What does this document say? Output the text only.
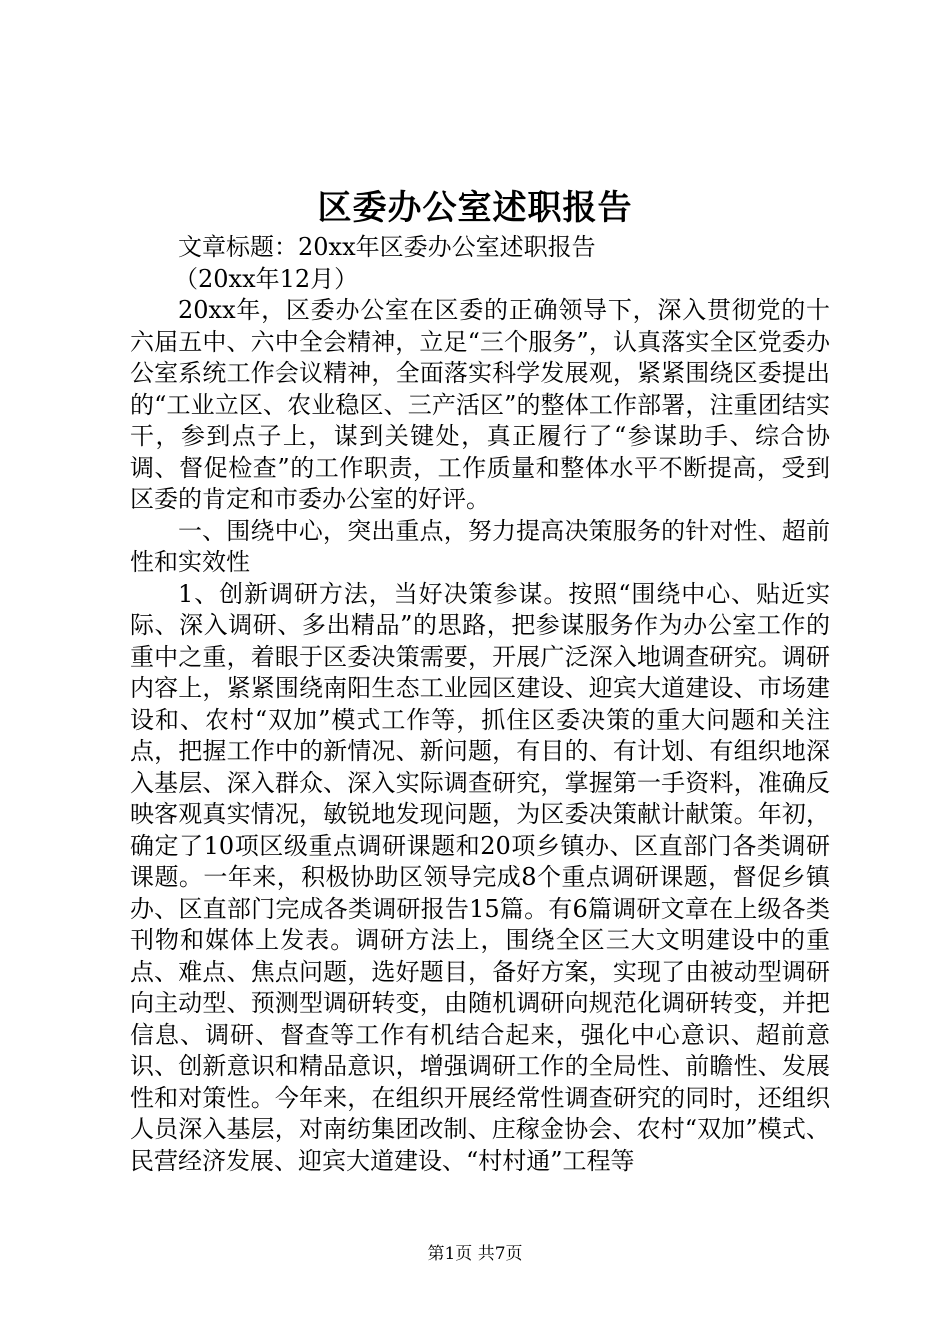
区委办公室述职报告

文章标题：20xx年区委办公室述职报告

（20xx年12月）

20xx年，区委办公室在区委的正确领导下，深入贯彻党的十六届五中、六中全会精神，立足“三个服务”，认真落实全区党委办公室系统工作会议精神，全面落实科学发展观，紧紧围绕区委提出的“工业立区、农业稳区、三产活区”的整体工作部署，注重团结实干，参到点子上，谋到关键处，真正履行了“参谋助手、综合协调、督促检查”的工作职责，工作质量和整体水平不断提高，受到区委的肯定和市委办公室的好评。

一、围绕中心，突出重点，努力提高决策服务的针对性、超前性和实效性

1、创新调研方法，当好决策参谋。按照“围绕中心、贴近实际、深入调研、多出精品”的思路，把参谋服务作为办公室工作的重中之重，着眼于区委决策需要，开展广泛深入地调查研究。调研内容上，紧紧围绕南阳生态工业园区建设、迎宾大道建设、市场建设和、农村“双加”模式工作等，抓住区委决策的重大问题和关注点，把握工作中的新情况、新问题，有目的、有计划、有组织地深入基层、深入群众、深入实际调查研究，掌握第一手资料，准确反映客观真实情况，敏锐地发现问题，为区委决策献计献策。年初，确定了10项区级重点调研课题和20项乡镇办、区直部门各类调研课题。一年来，积极协助区领导完成8个重点调研课题，督促乡镇办、区直部门完成各类调研报告15篇。有6篇调研文章在上级各类刊物和媒体上发表。调研方法上，围绕全区三大文明建设中的重点、难点、焦点问题，选好题目，备好方案，实现了由被动型调研向主动型、预测型调研转变，由随机调研向规范化调研转变，并把信息、调研、督查等工作有机结合起来，强化中心意识、超前意识、创新意识和精品意识，增强调研工作的全局性、前瞻性、发展性和对策性。今年来，在组织开展经常性调查研究的同时，还组织人员深入基层，对南纺集团改制、庄稼金协会、农村“双加”模式、民营经济发展、迎宾大道建设、“村村通”工程等

第1页 共7页
